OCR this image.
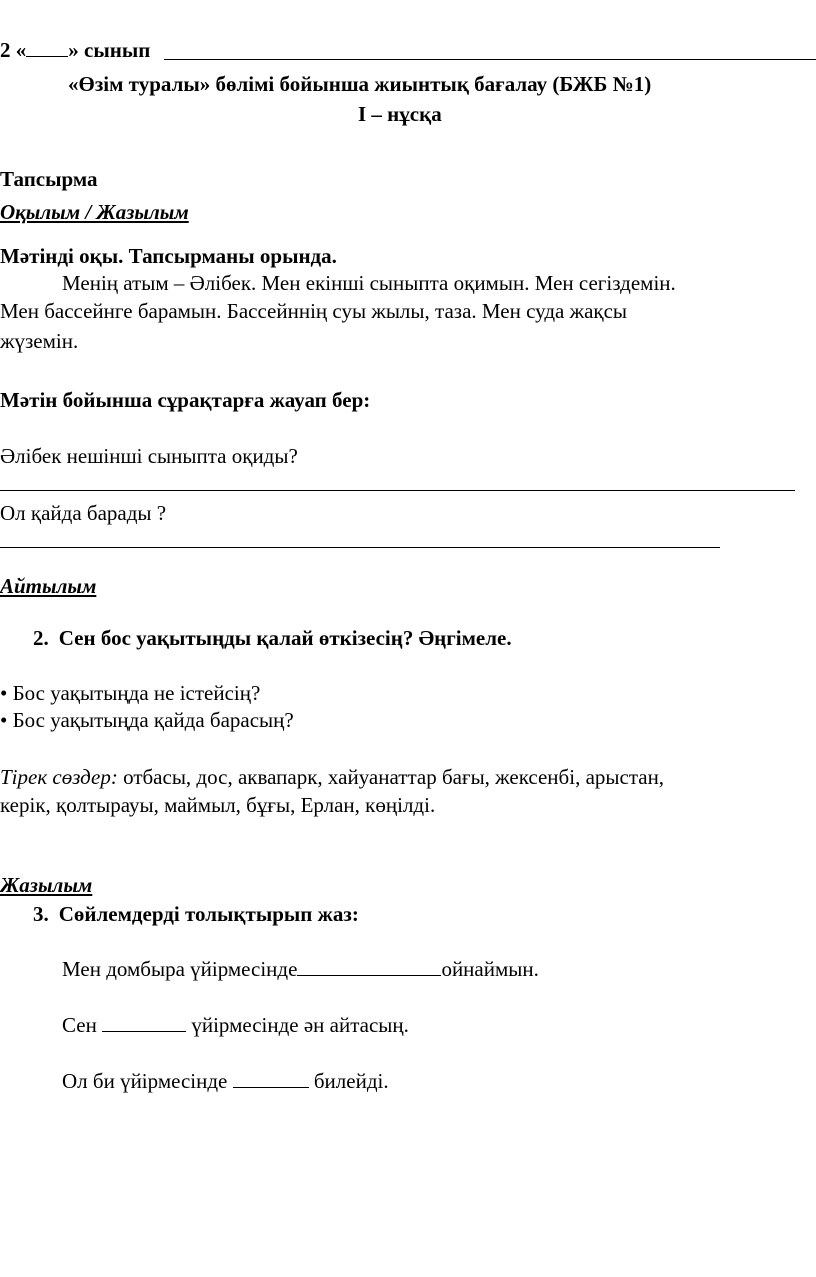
2 « » сынып
«Өзім туралы» бөлімі бойынша жиынтық бағалау (БЖБ №1)
I – нұсқа
Тапсырма
Оқылым / Жазылым
Мәтінді оқы. Тапсырманы орында.
Менің атым – Әлібек. Мен екінші сыныпта оқимын. Мен сегіздемін.
Мен бассейнге барамын. Бассейннің суы жылы, таза. Мен суда жақсы
жүземін.
Мәтін бойынша сұрақтарға жауап бер:
Әлібек нешінші сыныпта оқиды?
Ол қайда барады ?
Айтылым
2. Сен бос уақытыңды қалай өткізесің? Әңгімеле.
• Бос уақытыңда не істейсің?
• Бос уақытыңда қайда барасың?
Тірек сөздер: отбасы, дос, аквапарк, хайуанаттар бағы, жексенбі, арыстан,
керік, қолтырауы, маймыл, бұғы, Ерлан, көңілді.
Жазылым
3. Сөйлемдерді толықтырып жаз:
Мен домбыра үйірмесінде	ойнаймын.
Сен	үйірмесінде ән айтасың.
Ол би үйірмесінде	билейді.
